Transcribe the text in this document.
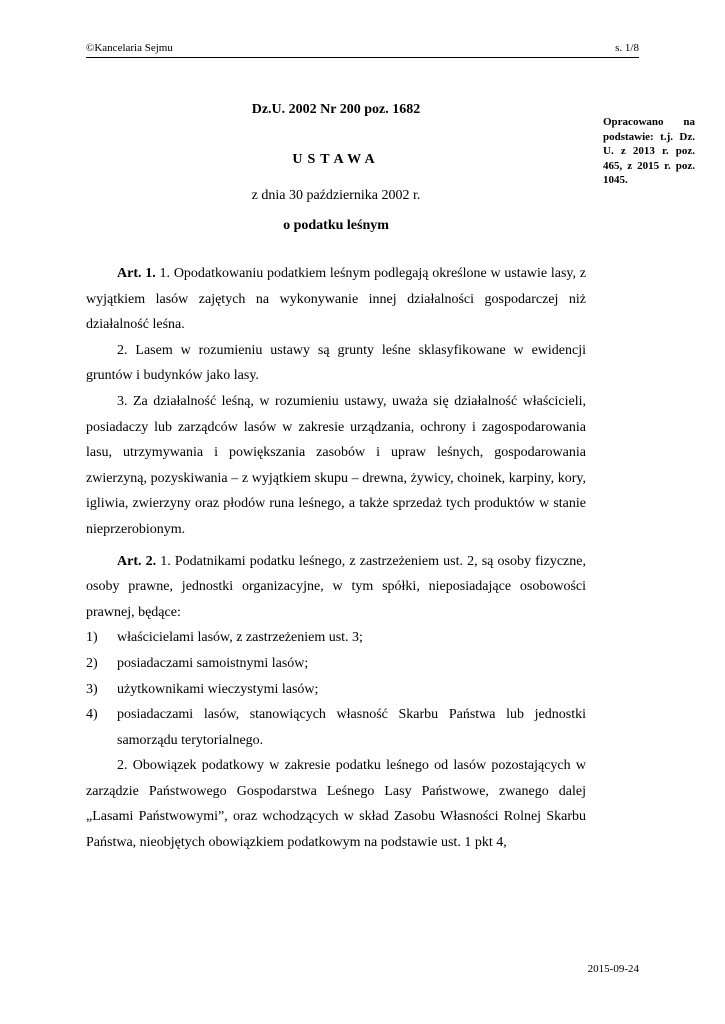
©Kancelaria Sejmu	s. 1/8
Dz.U. 2002 Nr 200 poz. 1682
USTAWA
z dnia 30 października 2002 r.
o podatku leśnym
Opracowano na podstawie: t.j. Dz. U. z 2013 r. poz. 465, z 2015 r. poz. 1045.

Art. 1. 1. Opodatkowaniu podatkiem leśnym podlegają określone w ustawie lasy, z wyjątkiem lasów zajętych na wykonywanie innej działalności gospodarczej niż działalność leśna.

2. Lasem w rozumieniu ustawy są grunty leśne sklasyfikowane w ewidencji gruntów i budynków jako lasy.

3. Za działalność leśną, w rozumieniu ustawy, uważa się działalność właścicieli, posiadaczy lub zarządców lasów w zakresie urządzania, ochrony i zagospodarowania lasu, utrzymywania i powiększania zasobów i upraw leśnych, gospodarowania zwierzyną, pozyskiwania – z wyjątkiem skupu – drewna, żywicy, choinek, karpiny, kory, igliwia, zwierzyny oraz płodów runa leśnego, a także sprzedaż tych produktów w stanie nieprzerobionym.

Art. 2. 1. Podatnikami podatku leśnego, z zastrzeżeniem ust. 2, są osoby fizyczne, osoby prawne, jednostki organizacyjne, w tym spółki, nieposiadające osobowości prawnej, będące:

1)	właścicielami lasów, z zastrzeżeniem ust. 3;
2)	posiadaczami samoistnymi lasów;
3)	użytkownikami wieczystymi lasów;
4)	posiadaczami lasów, stanowiących własność Skarbu Państwa lub jednostki samorządu terytorialnego.

2. Obowiązek podatkowy w zakresie podatku leśnego od lasów pozostających w zarządzie Państwowego Gospodarstwa Leśnego Lasy Państwowe, zwanego dalej „Lasami Państwowymi”, oraz wchodzących w skład Zasobu Własności Rolnej Skarbu Państwa, nieobjętych obowiązkiem podatkowym na podstawie ust. 1 pkt 4,

2015-09-24
